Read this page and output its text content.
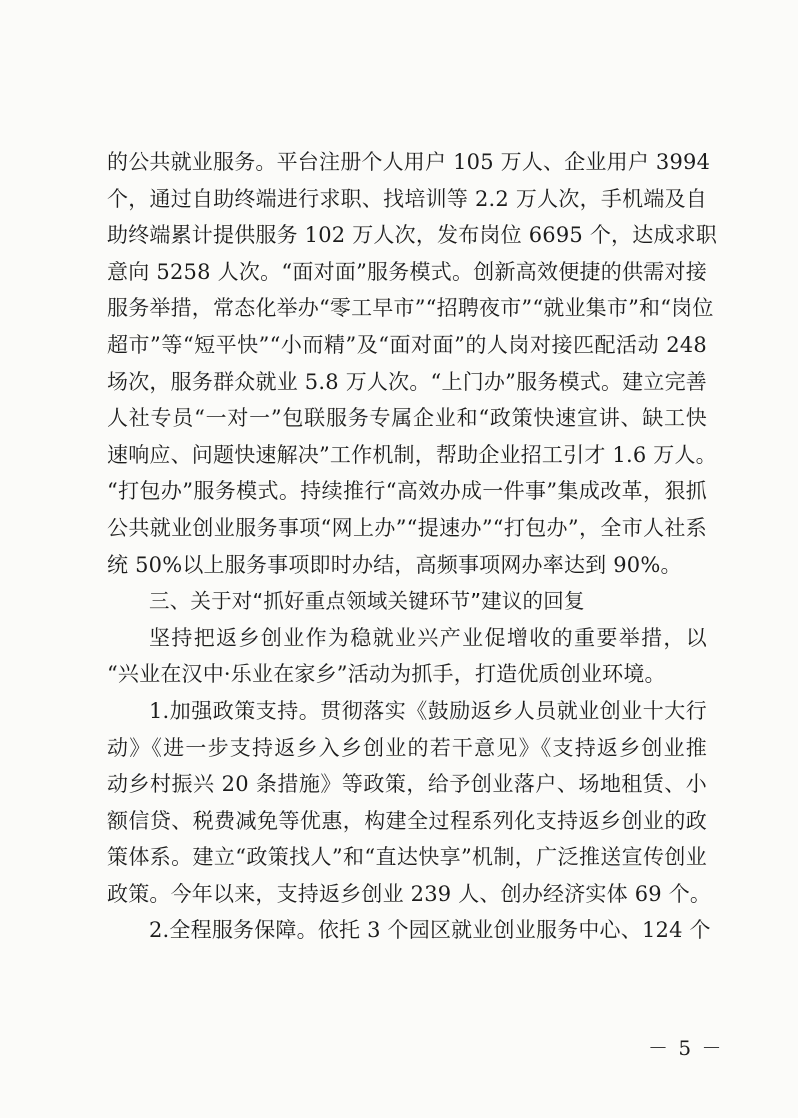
的公共就业服务。平台注册个人用户 105 万人、企业用户 3994
个，通过自助终端进行求职、找培训等 2.2 万人次，手机端及自
助终端累计提供服务 102 万人次，发布岗位 6695 个，达成求职
意向 5258 人次。“面对面”服务模式。创新高效便捷的供需对接
服务举措，常态化举办“零工早市”“招聘夜市”“就业集市”和“岗位
超市”等“短平快”“小而精”及“面对面”的人岗对接匹配活动 248
场次，服务群众就业 5.8 万人次。“上门办”服务模式。建立完善
人社专员“一对一”包联服务专属企业和“政策快速宣讲、缺工快
速响应、问题快速解决”工作机制，帮助企业招工引才 1.6 万人。
“打包办”服务模式。持续推行“高效办成一件事”集成改革，狠抓
公共就业创业服务事项“网上办”“提速办”“打包办”，全市人社系
统 50%以上服务事项即时办结，高频事项网办率达到 90%。
三、关于对“抓好重点领域关键环节”建议的回复
坚持把返乡创业作为稳就业兴产业促增收的重要举措，以
“兴业在汉中·乐业在家乡”活动为抓手，打造优质创业环境。
1.加强政策支持。贯彻落实《鼓励返乡人员就业创业十大行
动》《进一步支持返乡入乡创业的若干意见》《支持返乡创业推
动乡村振兴 20 条措施》等政策，给予创业落户、场地租赁、小
额信贷、税费减免等优惠，构建全过程系列化支持返乡创业的政
策体系。建立“政策找人”和“直达快享”机制，广泛推送宣传创业
政策。今年以来，支持返乡创业 239 人、创办经济实体 69 个。
2.全程服务保障。依托 3 个园区就业创业服务中心、124 个
－ 5 －
